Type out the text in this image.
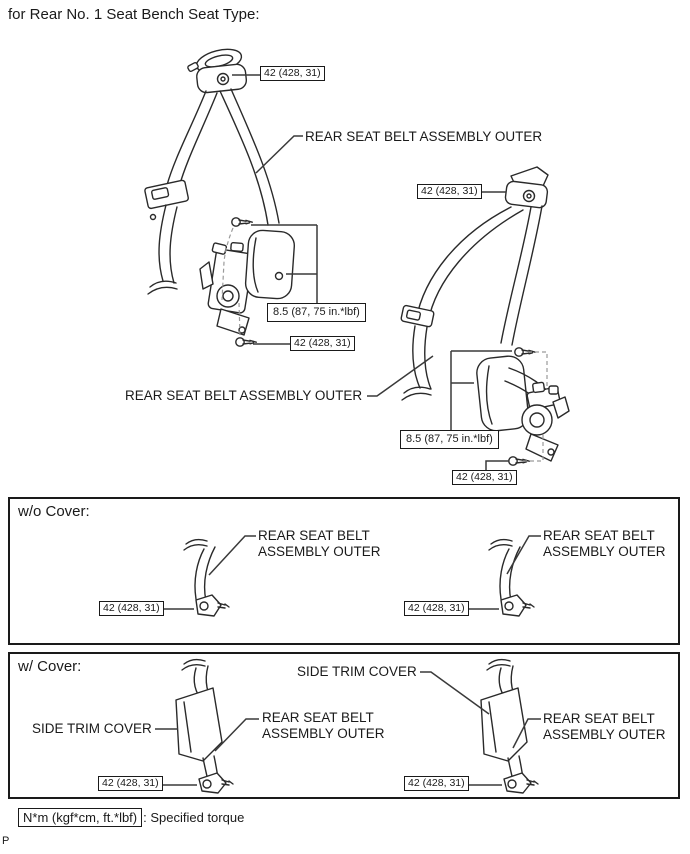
for Rear No. 1 Seat Bench Seat Type:
42 (428, 31)
REAR SEAT BELT ASSEMBLY OUTER
8.5 (87, 75 in.*lbf)
42 (428, 31)
42 (428, 31)
REAR SEAT BELT ASSEMBLY OUTER
8.5 (87, 75 in.*lbf)
42 (428, 31)
w/o Cover:
REAR SEAT BELT
ASSEMBLY OUTER
42 (428, 31)
REAR SEAT BELT
ASSEMBLY OUTER
42 (428, 31)
w/ Cover:	SIDE TRIM COVER
SIDE TRIM COVER
REAR SEAT BELT
ASSEMBLY OUTER
42 (428, 31)
REAR SEAT BELT
ASSEMBLY OUTER
42 (428, 31)
N*m (kgf*cm, ft.*lbf) : Specified torque
P
